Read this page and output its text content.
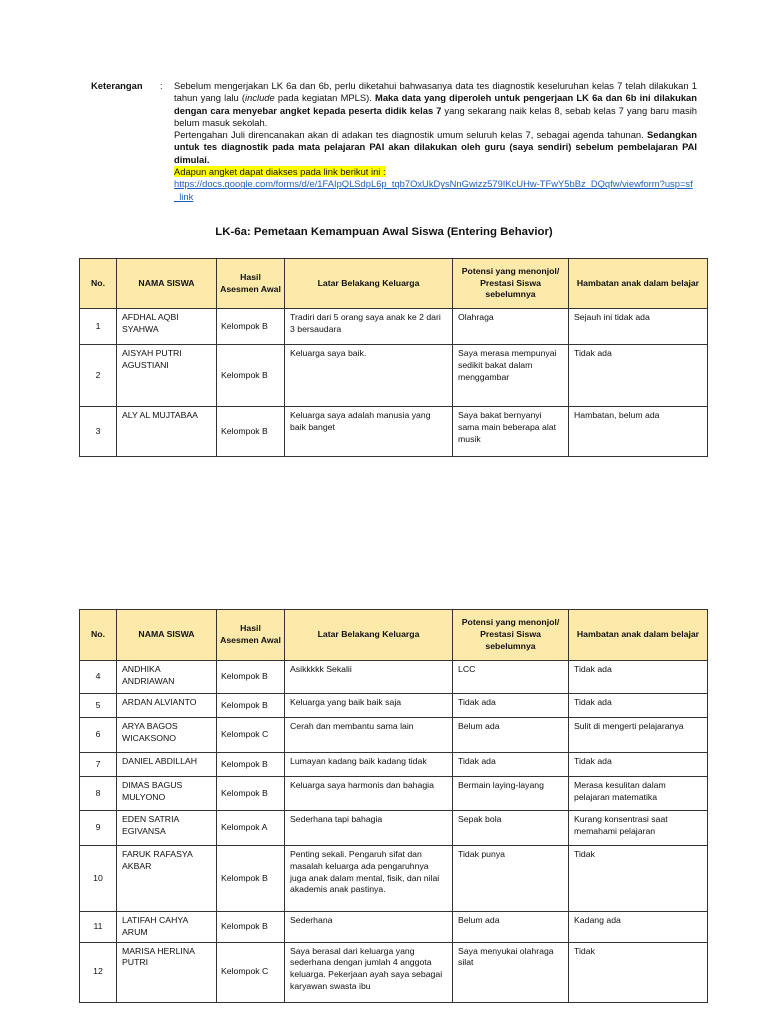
Keterangan : Sebelum mengerjakan LK 6a dan 6b, perlu diketahui bahwasanya data tes diagnostik keseluruhan kelas 7 telah dilakukan 1 tahun yang lalu (include pada kegiatan MPLS). Maka data yang diperoleh untuk pengerjaan LK 6a dan 6b ini dilakukan dengan cara menyebar angket kepada peserta didik kelas 7 yang sekarang naik kelas 8, sebab kelas 7 yang baru masih belum masuk sekolah.

Pertengahan Juli direncanakan akan di adakan tes diagnostik umum seluruh kelas 7, sebagai agenda tahunan. Sedangkan untuk tes diagnostik pada mata pelajaran PAI akan dilakukan oleh guru (saya sendiri) sebelum pembelajaran PAI dimulai.

Adapun angket dapat diakses pada link berikut ini :

https://docs.google.com/forms/d/e/1FAIpQLSdpL6p_tqb7OxUkDysNnGwizz579IKcUHw-TFwY5bBz_DQqfw/viewform?usp=sf_link

LK-6a: Pemetaan Kemampuan Awal Siswa (Entering Behavior)
No.	NAMA SISWA	Hasil Asesmen Awal	Latar Belakang Keluarga	Potensi yang menonjol/ Prestasi Siswa sebelumnya	Hambatan anak dalam belajar
1	AFDHAL AQBI SYAHWA	Kelompok B	Tradiri dari 5 orang saya anak ke 2 dari 3 bersaudara	Olahraga	Sejauh ini tidak ada
2	AISYAH PUTRI AGUSTIANI	Kelompok B	Keluarga saya baik.	Saya merasa mempunyai sedikit bakat dalam menggambar	Tidak ada
3	ALY AL MUJTABAA	Kelompok B	Keluarga saya adalah manusia yang baik banget	Saya bakat bernyanyi sama main beberapa alat musik	Hambatan, belum ada
No.	NAMA SISWA	Hasil Asesmen Awal	Latar Belakang Keluarga	Potensi yang menonjol/ Prestasi Siswa sebelumnya	Hambatan anak dalam belajar
4	ANDHIKA ANDRIAWAN	Kelompok B	Asikkkkk Sekalii	LCC	Tidak ada
5	ARDAN ALVIANTO	Kelompok B	Keluarga yang baik baik saja	Tidak ada	Tidak ada
6	ARYA BAGOS WICAKSONO	Kelompok C	Cerah dan membantu sama lain	Belum ada	Sulit di mengerti pelajaranya
7	DANIEL ABDILLAH	Kelompok B	Lumayan kadang baik kadang tidak	Tidak ada	Tidak ada
8	DIMAS BAGUS MULYONO	Kelompok B	Keluarga saya harmonis dan bahagia	Bermain laying-layang	Merasa kesulitan dalam pelajaran matematika
9	EDEN SATRIA EGIVANSA	Kelompok A	Sederhana tapi bahagia	Sepak bola	Kurang konsentrasi saat memahami pelajaran
10	FARUK RAFASYA AKBAR	Kelompok B	Penting sekali. Pengaruh sifat dan masalah keluarga ada pengaruhnya juga anak dalam mental, fisik, dan nilai akademis anak pastinya.	Tidak punya	Tidak
11	LATIFAH CAHYA ARUM	Kelompok B	Sederhana	Belum ada	Kadang ada
12	MARISA HERLINA PUTRI	Kelompok C	Saya berasal dari keluarga yang sederhana dengan jumlah 4 anggota keluarga. Pekerjaan ayah saya sebagai karyawan swasta ibu	Saya menyukai olahraga silat	Tidak
